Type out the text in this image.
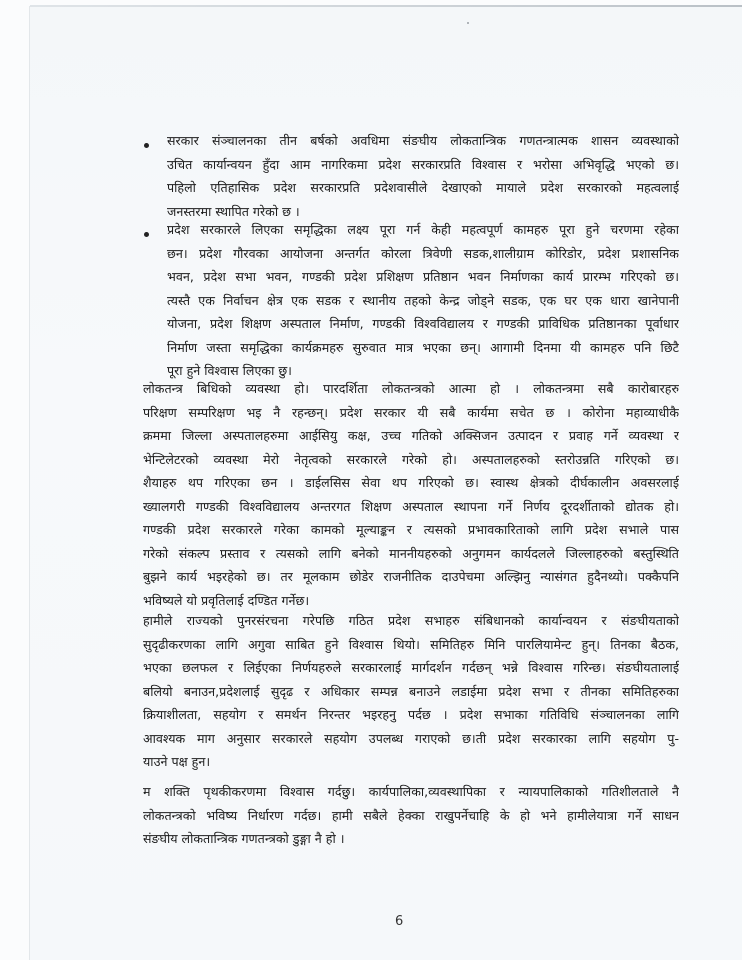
सरकार संञ्चालनका तीन बर्षको अवधिमा संङघीय लोकतान्त्रिक गणतन्त्रात्मक शासन व्यवस्थाको
उचित कार्यान्वयन हुँदा आम नागरिकमा प्रदेश सरकारप्रति विश्वास र भरोसा अभिवृद्धि भएको छ।
पहिलो एतिहासिक प्रदेश सरकारप्रति प्रदेशवासीले देखाएको मायाले प्रदेश सरकारको महत्वलाई
जनस्तरमा स्थापित गरेको छ ।
प्रदेश सरकारले लिएका समृद्धिका लक्ष्य पूरा गर्न केही महत्वपूर्ण कामहरु पूरा हुने चरणमा रहेका
छन। प्रदेश गौरवका आयोजना अन्तर्गत कोरला त्रिवेणी सडक,शालीग्राम कोरिडोर, प्रदेश प्रशासनिक
भवन, प्रदेश सभा भवन, गण्डकी प्रदेश प्रशिक्षण प्रतिष्ठान भवन निर्माणका कार्य प्रारम्भ गरिएको छ।
त्यस्तै एक निर्वाचन क्षेत्र एक सडक र स्थानीय तहको केन्द्र जोड्ने सडक, एक घर एक धारा खानेपानी
योजना, प्रदेश शिक्षण अस्पताल निर्माण, गण्डकी विश्वविद्यालय र गण्डकी प्राविधिक प्रतिष्ठानका पूर्वाधार
निर्माण जस्ता समृद्धिका कार्यक्रमहरु सुरुवात मात्र भएका छन्। आगामी दिनमा यी कामहरु पनि छिटै
पूरा हुने विश्वास लिएका छु।
लोकतन्त्र बिधिको व्यवस्था हो। पारदर्शिता लोकतन्त्रको आत्मा हो । लोकतन्त्रमा सबै कारोबारहरु
परिक्षण सम्परिक्षण भइ नै रहन्छन्। प्रदेश सरकार यी सबै कार्यमा सचेत छ । कोरोना महाव्याधीकै
क्रममा जिल्ला अस्पतालहरुमा आईसियु कक्ष, उच्च गतिको अक्सिजन उत्पादन र प्रवाह गर्ने व्यवस्था र
भेन्टिलेटरको व्यवस्था मेरो नेतृत्वको सरकारले गरेको हो। अस्पतालहरुको स्तरोउन्नति गरिएको छ।
शैयाहरु थप गरिएका छन । डाईलसिस सेवा थप गरिएको छ। स्वास्थ क्षेत्रको दीर्घकालीन अवसरलाई
ख्यालगरी गण्डकी विश्वविद्यालय अन्तरगत शिक्षण अस्पताल स्थापना गर्ने निर्णय दूरदर्शीताको द्योतक हो।
गण्डकी प्रदेश सरकारले गरेका कामको मूल्याङ्कन र त्यसको प्रभावकारिताको लागि प्रदेश सभाले पास
गरेको संकल्प प्रस्ताव र त्यसको लागि बनेको माननीयहरुको अनुगमन कार्यदलले जिल्लाहरुको बस्तुस्थिति
बुझने कार्य भइरहेको छ। तर मूलकाम छोडेर राजनीतिक दाउपेचमा अल्झिनु न्यासंगत हुदैनथ्यो। पक्कैपनि
भविष्यले यो प्रवृतिलाई दण्डित गर्नेछ।
हामीले राज्यको पुनरसंरचना गरेपछि गठित प्रदेश सभाहरु संबिधानको कार्यान्वयन र संङघीयताको
सुदृढीकरणका लागि अगुवा साबित हुने विश्वास थियो। समितिहरु मिनि पारलियामेन्ट हुन्। तिनका बैठक,
भएका छलफल र लिईएका निर्णयहरुले सरकारलाई मार्गदर्शन गर्दछन् भन्ने विश्वास गरिन्छ। संङघीयतालाई
बलियो बनाउन,प्रदेशलाई सुदृढ र अधिकार सम्पन्न बनाउने लडाईमा प्रदेश सभा र तीनका समितिहरुका
क्रियाशीलता, सहयोग र समर्थन निरन्तर भइरहनु पर्दछ । प्रदेश सभाका गतिविधि संञ्चालनका लागि
आवश्यक माग अनुसार सरकारले सहयोग उपलब्ध गराएको छ।ती प्रदेश सरकारका लागि सहयोग पु-
याउने पक्ष हुन।
म शक्ति पृथकीकरणमा विश्वास गर्दछु। कार्यपालिका,व्यवस्थापिका र न्यायपालिकाको गतिशीलताले नै
लोकतन्त्रको भविष्य निर्धारण गर्दछ। हामी सबैले हेक्का राखुपर्नेचाहि के हो भने हामीलेयात्रा गर्ने साधन
संङघीय लोकतान्त्रिक गणतन्त्रको डुङ्गा नै हो ।
6
